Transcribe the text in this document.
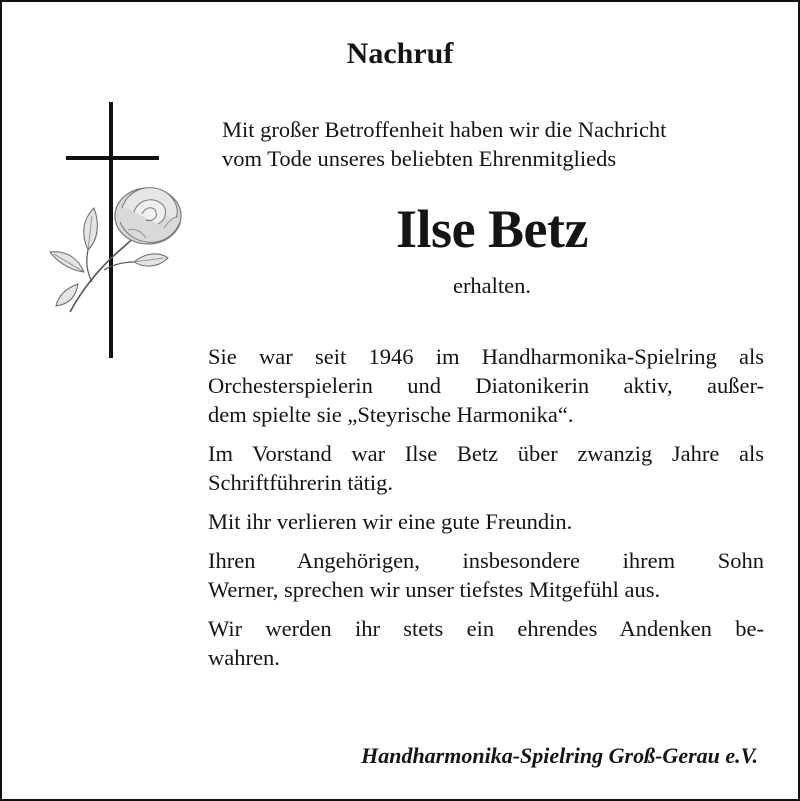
Nachruf
Mit großer Betroffenheit haben wir die Nachricht
vom Tode unseres beliebten Ehrenmitglieds
Ilse Betz
erhalten.
Sie war seit 1946 im Handharmonika-Spielring als
Orchesterspielerin und Diatonikerin aktiv, außer-
dem spielte sie „Steyrische Harmonika“.
Im Vorstand war Ilse Betz über zwanzig Jahre als
Schriftführerin tätig.
Mit ihr verlieren wir eine gute Freundin.
Ihren Angehörigen, insbesondere ihrem Sohn
Werner, sprechen wir unser tiefstes Mitgefühl aus.
Wir werden ihr stets ein ehrendes Andenken be-
wahren.
Handharmonika-Spielring Groß-Gerau e.V.
